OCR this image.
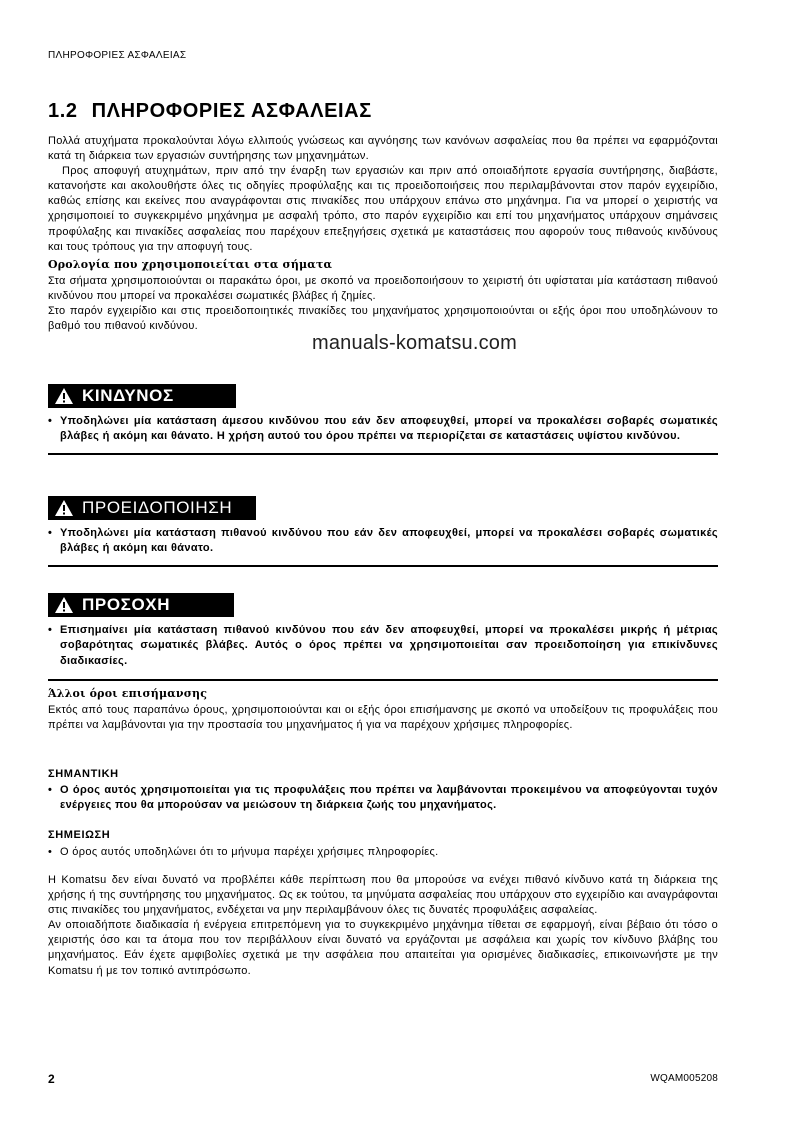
ΠΛΗΡΟΦΟΡΙΕΣ ΑΣΦΑΛΕΙΑΣ
1.2 ΠΛΗΡΟΦΟΡΙΕΣ ΑΣΦΑΛΕΙΑΣ

Πολλά ατυχήματα προκαλούνται λόγω ελλιπούς γνώσεως και αγνόησης των κανόνων ασφαλείας που θα πρέπει να εφαρμόζονται κατά τη διάρκεια των εργασιών συντήρησης των μηχανημάτων.

Προς αποφυγή ατυχημάτων, πριν από την έναρξη των εργασιών και πριν από οποιαδήποτε εργασία συντήρησης, διαβάστε, κατανοήστε και ακολουθήστε όλες τις οδηγίες προφύλαξης και τις προειδοποιήσεις που περιλαμβάνονται στον παρόν εγχειρίδιο, καθώς επίσης και εκείνες που αναγράφονται στις πινακίδες που υπάρχουν επάνω στο μηχάνημα. Για να μπορεί ο χειριστής να χρησιμοποιεί το συγκεκριμένο μηχάνημα με ασφαλή τρόπο, στο παρόν εγχειρίδιο και επί του μηχανήματος υπάρχουν σημάνσεις προφύλαξης και πινακίδες ασφαλείας που παρέχουν επεξηγήσεις σχετικά με καταστάσεις που αφορούν τους πιθανούς κινδύνους και τους τρόπους για την αποφυγή τους.

Ορολογία που χρησιμοποιείται στα σήματα

Στα σήματα χρησιμοποιούνται οι παρακάτω όροι, με σκοπό να προειδοποιήσουν το χειριστή ότι υφίσταται μία κατάσταση πιθανού κινδύνου που μπορεί να προκαλέσει σωματικές βλάβες ή ζημίες.

Στο παρόν εγχειρίδιο και στις προειδοποιητικές πινακίδες του μηχανήματος χρησιμοποιούνται οι εξής όροι που υποδηλώνουν το βαθμό του πιθανού κινδύνου.

manuals-komatsu.com
ΚΙΝΔΥΝΟΣ
• Υποδηλώνει μία κατάσταση άμεσου κινδύνου που εάν δεν αποφευχθεί, μπορεί να προκαλέσει σοβαρές σωματικές βλάβες ή ακόμη και θάνατο. Η χρήση αυτού του όρου πρέπει να περιορίζεται σε καταστάσεις υψίστου κινδύνου.
ΠΡΟΕΙΔΟΠΟΙΗΣΗ
• Υποδηλώνει μία κατάσταση πιθανού κινδύνου που εάν δεν αποφευχθεί, μπορεί να προκαλέσει σοβαρές σωματικές βλάβες ή ακόμη και θάνατο.
ΠΡΟΣΟΧΗ
• Επισημαίνει μία κατάσταση πιθανού κινδύνου που εάν δεν αποφευχθεί, μπορεί να προκαλέσει μικρής ή μέτριας σοβαρότητας σωματικές βλάβες. Αυτός ο όρος πρέπει να χρησιμοποιείται σαν προειδοποίηση για επικίνδυνες διαδικασίες.

Άλλοι όροι επισήμανσης

Εκτός από τους παραπάνω όρους, χρησιμοποιούνται και οι εξής όροι επισήμανσης με σκοπό να υποδείξουν τις προφυλάξεις που πρέπει να λαμβάνονται για την προστασία του μηχανήματος ή για να παρέχουν χρήσιμες πληροφορίες.

ΣΗΜΑΝΤΙΚΗ

• Ο όρος αυτός χρησιμοποιείται για τις προφυλάξεις που πρέπει να λαμβάνονται προκειμένου να αποφεύγονται τυχόν ενέργειες που θα μπορούσαν να μειώσουν τη διάρκεια ζωής του μηχανήματος.

ΣΗΜΕΙΩΣΗ

• Ο όρος αυτός υποδηλώνει ότι το μήνυμα παρέχει χρήσιμες πληροφορίες.

Η Komatsu δεν είναι δυνατό να προβλέπει κάθε περίπτωση που θα μπορούσε να ενέχει πιθανό κίνδυνο κατά τη διάρκεια της χρήσης ή της συντήρησης του μηχανήματος. Ως εκ τούτου, τα μηνύματα ασφαλείας που υπάρχουν στο εγχειρίδιο και αναγράφονται στις πινακίδες του μηχανήματος, ενδέχεται να μην περιλαμβάνουν όλες τις δυνατές προφυλάξεις ασφαλείας.

Αν οποιαδήποτε διαδικασία ή ενέργεια επιτρεπόμενη για το συγκεκριμένο μηχάνημα τίθεται σε εφαρμογή, είναι βέβαιο ότι τόσο ο χειριστής όσο και τα άτομα που τον περιβάλλουν είναι δυνατό να εργάζονται με ασφάλεια και χωρίς τον κίνδυνο βλάβης του μηχανήματος. Εάν έχετε αμφιβολίες σχετικά με την ασφάλεια που απαιτείται για ορισμένες διαδικασίες, επικοινωνήστε με την Komatsu ή με τον τοπικό αντιπρόσωπο.

2	WQAM005208
